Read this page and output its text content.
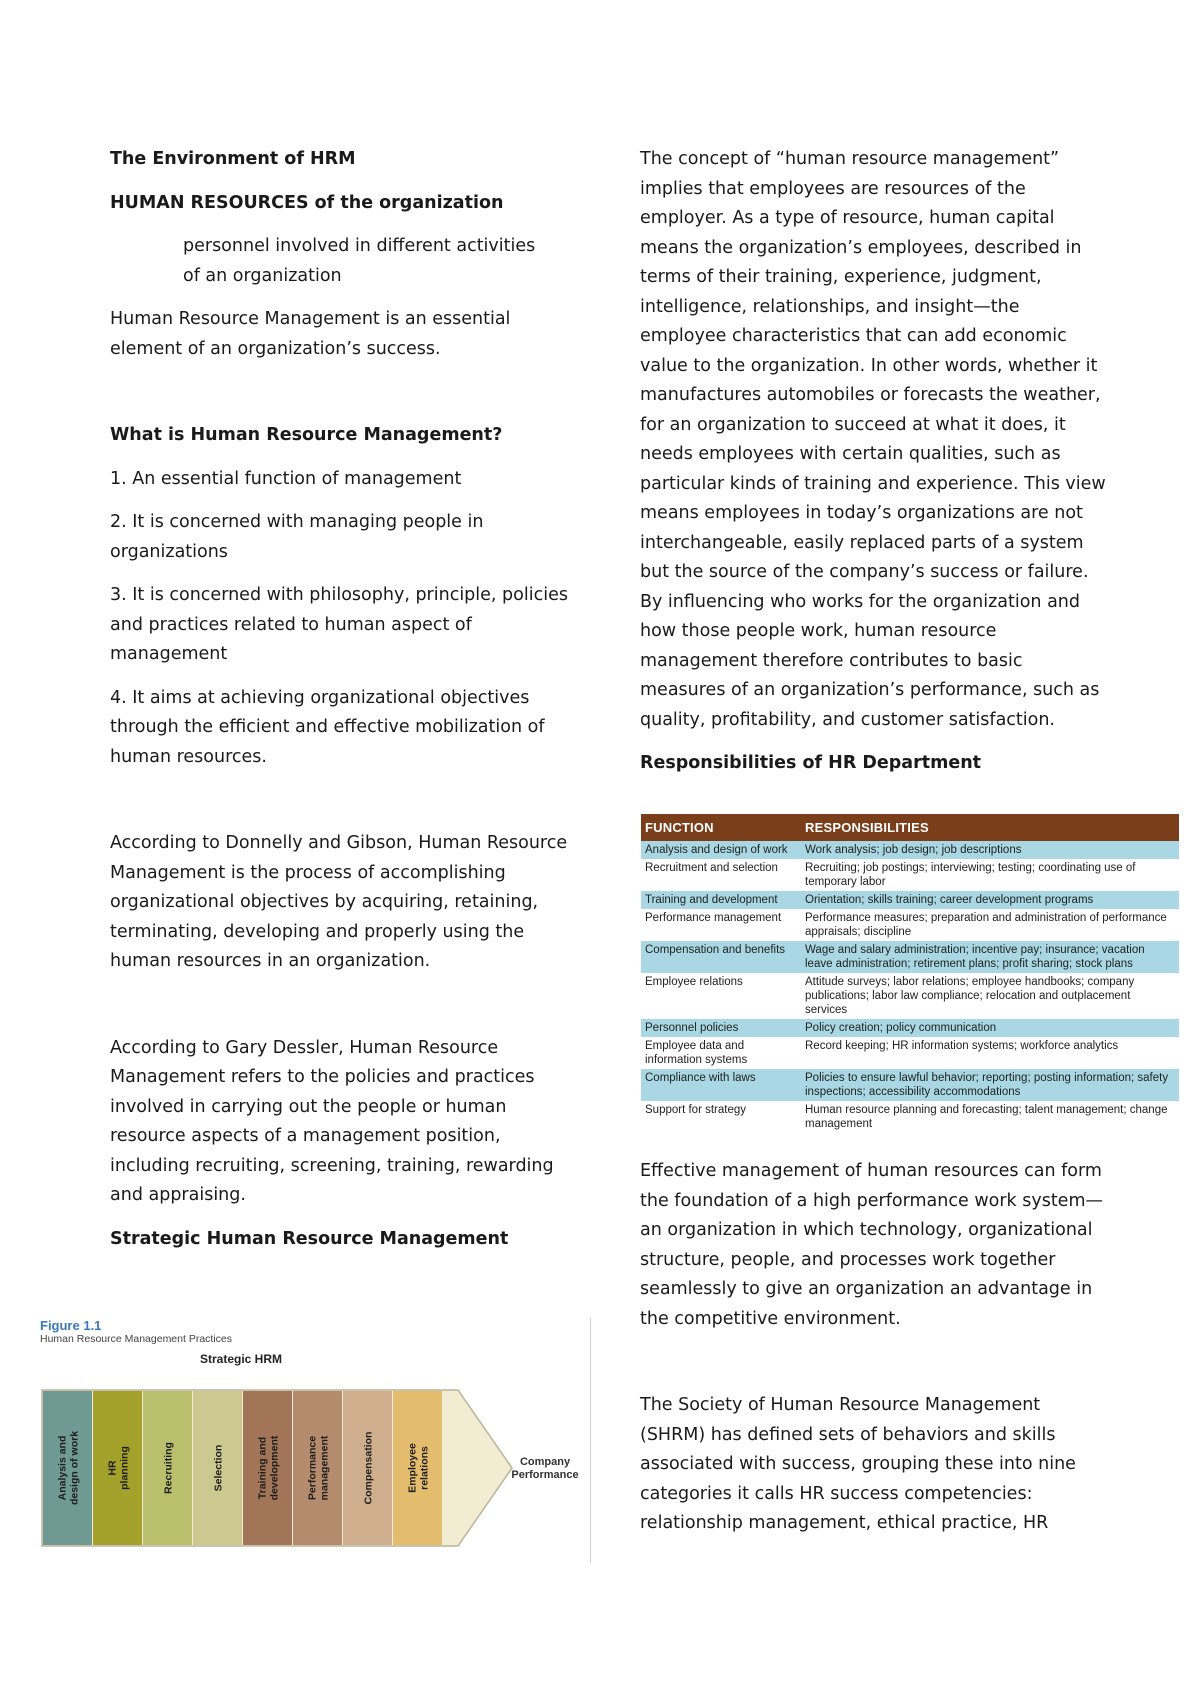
The Environment of HRM

HUMAN RESOURCES of the organization

personnel involved in different activities

of an organization

Human Resource Management is an essential element of an organization’s success.

What is Human Resource Management?

1. An essential function of management

2. It is concerned with managing people in organizations

3. It is concerned with philosophy, principle, policies and practices related to human aspect of management

4. It aims at achieving organizational objectives through the efficient and effective mobilization of human resources.

According to Donnelly and Gibson, Human Resource Management is the process of accomplishing organizational objectives by acquiring, retaining, terminating, developing and properly using the human resources in an organization.

According to Gary Dessler, Human Resource Management refers to the policies and practices involved in carrying out the people or human resource aspects of a management position, including recruiting, screening, training, rewarding and appraising.

Strategic Human Resource Management

The concept of “human resource management” implies that employees are resources of the employer. As a type of resource, human capital means the organization’s employees, described in terms of their training, experience, judgment, intelligence, relationships, and insight—the employee characteristics that can add economic value to the organization. In other words, whether it manufactures automobiles or forecasts the weather, for an organization to succeed at what it does, it needs employees with certain qualities, such as particular kinds of training and experience. This view means employees in today’s organizations are not interchangeable, easily replaced parts of a system but the source of the company’s success or failure. By influencing who works for the organization and how those people work, human resource management therefore contributes to basic measures of an organization’s performance, such as quality, profitability, and customer satisfaction.

Responsibilities of HR Department

FUNCTION	RESPONSIBILITIES
Analysis and design of work	Work analysis; job design; job descriptions
Recruitment and selection	Recruiting; job postings; interviewing; testing; coordinating use of temporary labor
Training and development	Orientation; skills training; career development programs
Performance management	Performance measures; preparation and administration of performance appraisals; discipline
Compensation and benefits	Wage and salary administration; incentive pay; insurance; vacation leave administration; retirement plans; profit sharing; stock plans
Employee relations	Attitude surveys; labor relations; employee handbooks; company publications; labor law compliance; relocation and outplacement services
Personnel policies	Policy creation; policy communication
Employee data and information systems	Record keeping; HR information systems; workforce analytics
Compliance with laws	Policies to ensure lawful behavior; reporting; posting information; safety inspections; accessibility accommodations
Support for strategy	Human resource planning and forecasting; talent management; change management

Effective management of human resources can form the foundation of a high performance work system—an organization in which technology, organizational structure, people, and processes work together seamlessly to give an organization an advantage in the competitive environment.

The Society of Human Resource Management (SHRM) has defined sets of behaviors and skills associated with success, grouping these into nine categories it calls HR success competencies: relationship management, ethical practice, HR

Figure 1.1
Human Resource Management Practices
Strategic HRM
Analysis anddesign of work HRplanning	Recruiting	Selection	Training anddevelopment Performancemanagement	Compensation	Employeerelations	Company
Performance
